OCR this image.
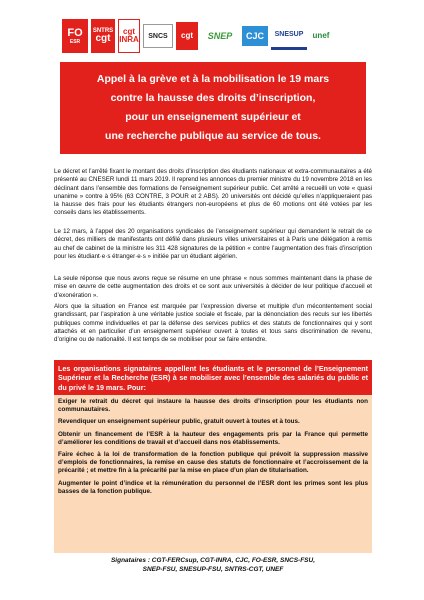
FO
ESR
SNTRS
cgt
cgt
INRA	SNCS	cgt	SNEP	CJC	SNESUP	unef
Appel à la grève et à la mobilisation le 19 mars
contre la hausse des droits d’inscription,
pour un enseignement supérieur et
une recherche publique au service de tous.

Le décret et l’arrêté fixant le montant des droits d’inscription des étudiants nationaux et extra-communautaires a été présenté au CNESER lundi 11 mars 2019. Il reprend les annonces du premier ministre du 19 novembre 2018 en les déclinant dans l’ensemble des formations de l’enseignement supérieur public. Cet arrêté a recueilli un vote « quasi unanime » contre à 95% (63 CONTRE, 3 POUR et 2 ABS). 20 universités ont décidé qu’elles n’appliqueraient pas la hausse des frais pour les étudiants étrangers non-européens et plus de 60 motions ont été votées par les conseils dans les établissements.

Le 12 mars, à l’appel des 20 organisations syndicales de l’enseignement supérieur qui demandent le retrait de ce décret, des milliers de manifestants ont défilé dans plusieurs villes universitaires et à Paris une délégation a remis au chef de cabinet de la ministre les 311 428 signatures de la pétition « contre l’augmentation des frais d’inscription pour les étudiant·e·s étranger·e·s » initiée par un étudiant algérien.

La seule réponse que nous avons reçue se résume en une phrase « nous sommes maintenant dans la phase de mise en œuvre de cette augmentation des droits et ce sont aux universités à décider de leur politique d’accueil et d’exonération ».

Alors que la situation en France est marquée par l’expression diverse et multiple d’un mécontentement social grandissant, par l’aspiration à une véritable justice sociale et fiscale, par la dénonciation des reculs sur les libertés publiques comme individuelles et par la défense des services publics et des statuts de fonctionnaires qui y sont attachés et en particulier d’un enseignement supérieur ouvert à toutes et tous sans discrimination de revenu, d’origine ou de nationalité. Il est temps de se mobiliser pour se faire entendre.

Les organisations signataires appellent les étudiants et le personnel de l’Enseignement Supérieur et la Recherche (ESR) à se mobiliser avec l’ensemble des salariés du public et du privé le 19 mars. Pour:
Exiger le retrait du décret qui instaure la hausse des droits d’inscription pour les étudiants non communautaires.
Revendiquer un enseignement supérieur public, gratuit ouvert à toutes et à tous.
Obtenir un financement de l’ESR à la hauteur des engagements pris par la France qui permette d’améliorer les conditions de travail et d’accueil dans nos établissements.
Faire échec à la loi de transformation de la fonction publique qui prévoit la suppression massive d’emplois de fonctionnaires, la remise en cause des statuts de fonctionnaire et l’accroissement de la précarité ; et mettre fin à la précarité par la mise en place d’un plan de titularisation.
Augmenter le point d’indice et la rémunération du personnel de l’ESR dont les primes sont les plus basses de la fonction publique.

Signataires : CGT-FERCsup, CGT-INRA, CJC, FO-ESR, SNCS-FSU,
SNEP-FSU, SNESUP-FSU, SNTRS-CGT, UNEF
